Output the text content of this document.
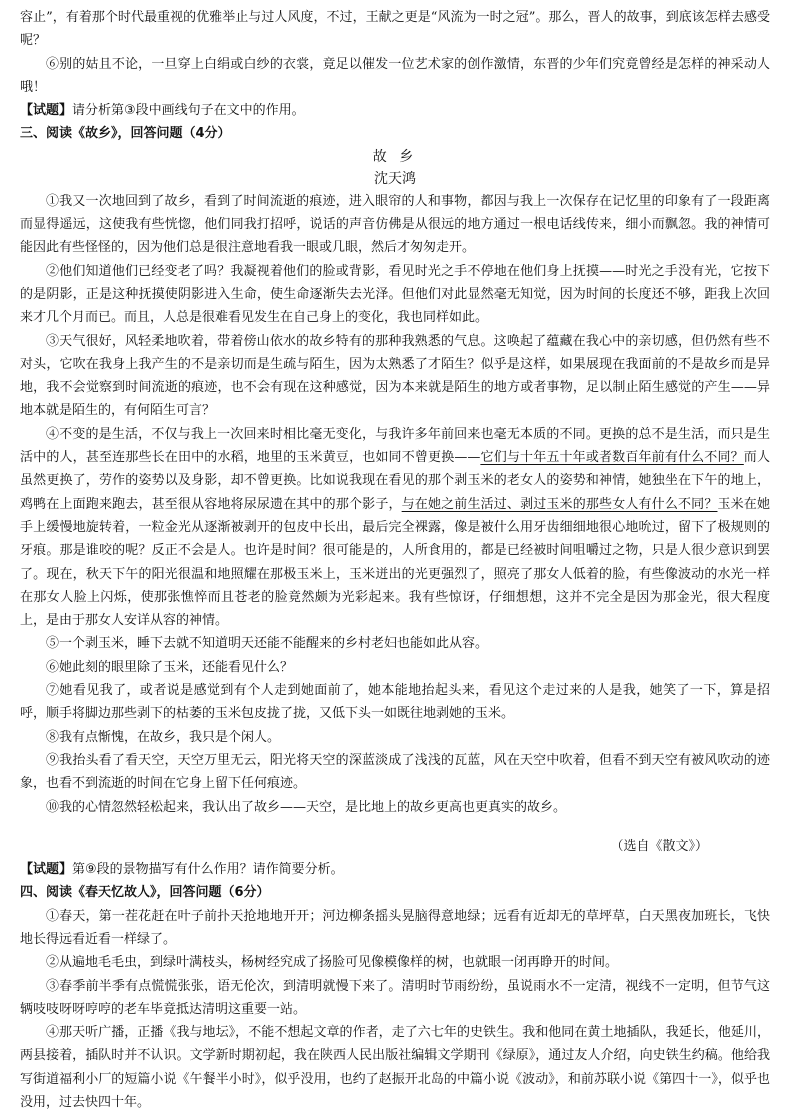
容止”，有着那个时代最重视的优雅举止与过人风度，不过，王献之更是“风流为一时之冠”。那么，晋人的故事，到底该怎样去感受呢？

⑥别的姑且不论，一旦穿上白绢或白纱的衣裳，竟足以催发一位艺术家的创作激情，东晋的少年们究竟曾经是怎样的神采动人哦！

【试题】请分析第③段中画线句子在文中的作用。

三、阅读《故乡》，回答问题（4分）

故 乡

沈天鸿

①我又一次地回到了故乡，看到了时间流逝的痕迹，进入眼帘的人和事物，都因与我上一次保存在记忆里的印象有了一段距离而显得遥远，这使我有些恍惚，他们同我打招呼，说话的声音仿佛是从很远的地方通过一根电话线传来，细小而飘忽。我的神情可能因此有些怪怪的，因为他们总是很注意地看我一眼或几眼，然后才匆匆走开。

②他们知道他们已经变老了吗？我凝视着他们的脸或背影，看见时光之手不停地在他们身上抚摸——时光之手没有光，它按下的是阴影，正是这种抚摸使阴影进入生命，使生命逐渐失去光泽。但他们对此显然毫无知觉，因为时间的长度还不够，距我上次回来才几个月而已。而且，人总是很难看见发生在自己身上的变化，我也同样如此。

③天气很好，风轻柔地吹着，带着傍山依水的故乡特有的那种我熟悉的气息。这唤起了蕴藏在我心中的亲切感，但仍然有些不对头，它吹在我身上我产生的不是亲切而是生疏与陌生，因为太熟悉了才陌生？似乎是这样，如果展现在我面前的不是故乡而是异地，我不会觉察到时间流逝的痕迹，也不会有现在这种感觉，因为本来就是陌生的地方或者事物，足以制止陌生感觉的产生——异地本就是陌生的，有何陌生可言？

④不变的是生活，不仅与我上一次回来时相比毫无变化，与我许多年前回来也毫无本质的不同。更换的总不是生活，而只是生活中的人，甚至连那些长在田中的水稻，地里的玉米黄豆，也如同不曾更换——它们与十年五十年或者数百年前有什么不同？而人虽然更换了，劳作的姿势以及身影，却不曾更换。比如说我现在看见的那个剥玉米的老女人的姿势和神情，她独坐在下午的地上，鸡鸭在上面跑来跑去，甚至很从容地将尿尿遗在其中的那个影子，与在她之前生活过、剥过玉米的那些女人有什么不同？玉米在她手上缓慢地旋转着，一粒金光从逐渐被剥开的包皮中长出，最后完全裸露，像是被什么用牙齿细细地很心地吮过，留下了极规则的牙痕。那是谁咬的呢？反正不会是人。也许是时间？很可能是的，人所食用的，都是已经被时间咀嚼过之物，只是人很少意识到罢了。现在，秋天下午的阳光很温和地照耀在那极玉米上，玉米迸出的光更强烈了，照亮了那女人低着的脸，有些像波动的水光一样在那女人脸上闪烁，使那张憔悴而且苍老的脸竟然颇为光彩起来。我有些惊讶，仔细想想，这并不完全是因为那金光，很大程度上，是由于那女人安详从容的神情。

⑤一个剥玉米，睡下去就不知道明天还能不能醒来的乡村老妇也能如此从容。

⑥她此刻的眼里除了玉米，还能看见什么？

⑦她看见我了，或者说是感觉到有个人走到她面前了，她本能地抬起头来，看见这个走过来的人是我，她笑了一下，算是招呼，顺手将脚边那些剥下的枯萎的玉米包皮拢了拢，又低下头一如既往地剥她的玉米。

⑧我有点惭愧，在故乡，我只是个闲人。

⑨我抬头看了看天空，天空万里无云，阳光将天空的深蓝淡成了浅浅的瓦蓝，风在天空中吹着，但看不到天空有被风吹动的迹象，也看不到流逝的时间在它身上留下任何痕迹。

⑩我的心情忽然轻松起来，我认出了故乡——天空，是比地上的故乡更高也更真实的故乡。

（选自《散文》）

【试题】第⑨段的景物描写有什么作用？请作简要分析。

四、阅读《春天忆故人》，回答问题（6分）

①春天，第一茬花赶在叶子前扑天抢地地开开；河边柳条摇头晃脑得意地绿；远看有近却无的草坪草，白天黑夜加班长，飞快地长得远看近看一样绿了。

②从遍地毛毛虫，到绿叶满枝头，杨树经究成了扬脸可见像模像样的树，也就眼一闭再睁开的时间。

③春季前半季有点慌慌张张，语无伦次，到清明就慢下来了。清明时节雨纷纷，虽说雨水不一定清，视线不一定明，但节气这辆吱吱呀呀哼哼的老车毕竟抵达清明这重要一站。

④那天听广播，正播《我与地坛》，不能不想起文章的作者，走了六七年的史铁生。我和他同在黄土地插队，我延长，他延川，两县接着，插队时并不认识。文学新时期初起，我在陕西人民出版社编辑文学期刊《绿原》，通过友人介绍，向史铁生约稿。他给我写街道福利小厂的短篇小说《午餐半小时》，似乎没用，也约了赵振开北岛的中篇小说《波动》，和前苏联小说《第四十一》，似乎也没用，过去快四十年。
